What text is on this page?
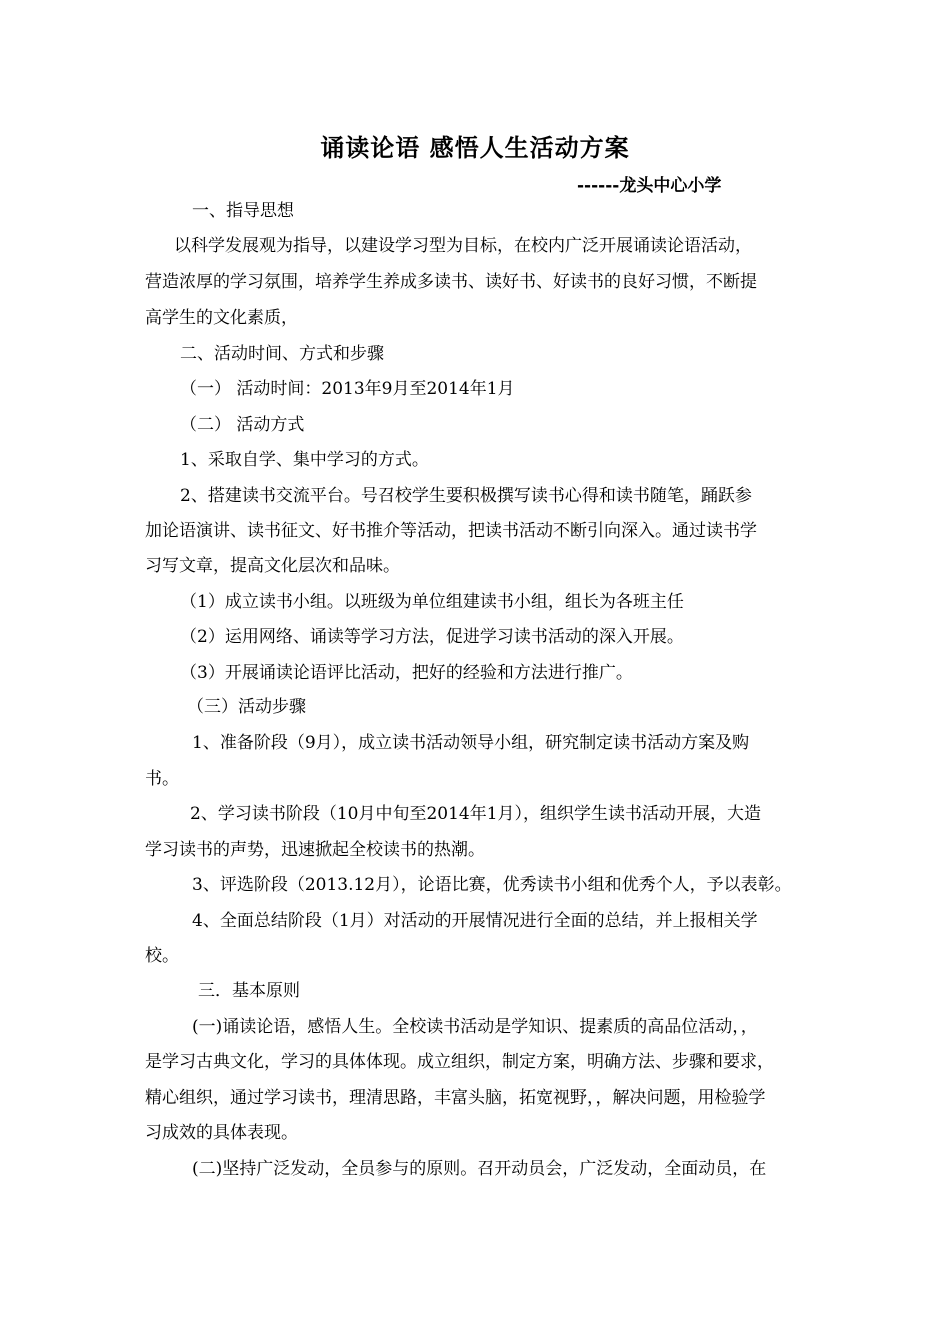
诵读论语 感悟人生活动方案
------龙头中心小学
一、指导思想
以科学发展观为指导，以建设学习型为目标，在校内广泛开展诵读论语活动，
营造浓厚的学习氛围，培养学生养成多读书、读好书、好读书的良好习惯，不断提
高学生的文化素质，
二、活动时间、方式和步骤
（一） 活动时间：2013年9月至2014年1月
（二） 活动方式
1、采取自学、集中学习的方式。
2、搭建读书交流平台。号召校学生要积极撰写读书心得和读书随笔，踊跃参
加论语演讲、读书征文、好书推介等活动，把读书活动不断引向深入。通过读书学
习写文章，提高文化层次和品味。
（1）成立读书小组。以班级为单位组建读书小组，组长为各班主任
（2）运用网络、诵读等学习方法，促进学习读书活动的深入开展。
（3）开展诵读论语评比活动，把好的经验和方法进行推广。
（三）活动步骤
1、准备阶段（9月），成立读书活动领导小组，研究制定读书活动方案及购
书。
2、学习读书阶段（10月中旬至2014年1月），组织学生读书活动开展，大造
学习读书的声势，迅速掀起全校读书的热潮。
3、评选阶段（2013.12月），论语比赛，优秀读书小组和优秀个人，予以表彰。
4、全面总结阶段（1月）对活动的开展情况进行全面的总结，并上报相关学
校。
三．基本原则
(一)诵读论语，感悟人生。全校读书活动是学知识、提素质的高品位活动，，
是学习古典文化，学习的具体体现。成立组织，制定方案，明确方法、步骤和要求，
精心组织，通过学习读书，理清思路，丰富头脑，拓宽视野，，解决问题，用检验学
习成效的具体表现。
(二)坚持广泛发动，全员参与的原则。召开动员会，广泛发动，全面动员，在
